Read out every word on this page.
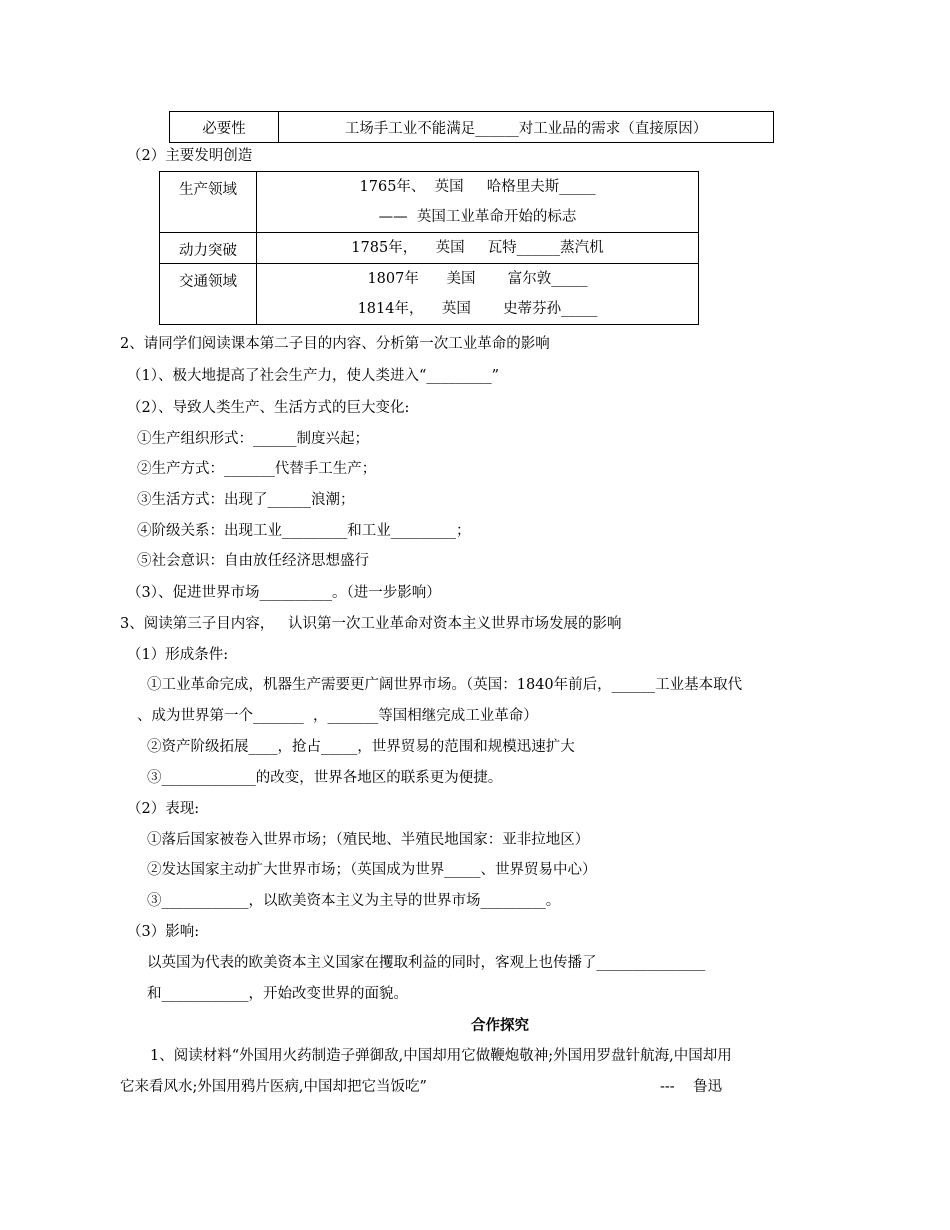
必要性	工场手工业不能满足______对工业品的需求（直接原因）
（2）主要发明创造
生产领域	1765年、  英国     哈格里夫斯_____
——  英国工业革命开始的标志

动力突破	1785年，    英国     瓦特______蒸汽机

交通领域	1807年      美国       富尔敦_____
1814年，    英国       史蒂芬孙_____
2、请同学们阅读课本第二子目的内容、分析第一次工业革命的影响
（1）、极大地提高了社会生产力，使人类进入“_________”
（2）、导致人类生产、生活方式的巨大变化:
①生产组织形式：______制度兴起；
②生产方式：_______代替手工生产；
③生活方式：出现了______浪潮；
④阶级关系：出现工业_________和工业_________；
⑤社会意识：自由放任经济思想盛行
（3）、促进世界市场__________。（进一步影响）
3、阅读第三子目内容，   认识第一次工业革命对资本主义世界市场发展的影响
（1）形成条件:
①工业革命完成，机器生产需要更广阔世界市场。（英国：1840年前后，______工业基本取代
、成为世界第一个_______  ，_______等国相继完成工业革命）
②资产阶级拓展____，抢占_____，世界贸易的范围和规模迅速扩大
③_____________的改变，世界各地区的联系更为便捷。
（2）表现:
①落后国家被卷入世界市场；（殖民地、半殖民地国家：亚非拉地区）
②发达国家主动扩大世界市场；（英国成为世界_____、世界贸易中心）
③____________，以欧美资本主义为主导的世界市场_________。
（3）影响:
以英国为代表的欧美资本主义国家在攫取利益的同时，客观上也传播了_______________
和____________，开始改变世界的面貌。
合作探究
1、阅读材料“外国用火药制造子弹御敌,中国却用它做鞭炮敬神;外国用罗盘针航海,中国却用
它来看风水;外国用鸦片医病,中国却把它当饭吃”	---    鲁迅
